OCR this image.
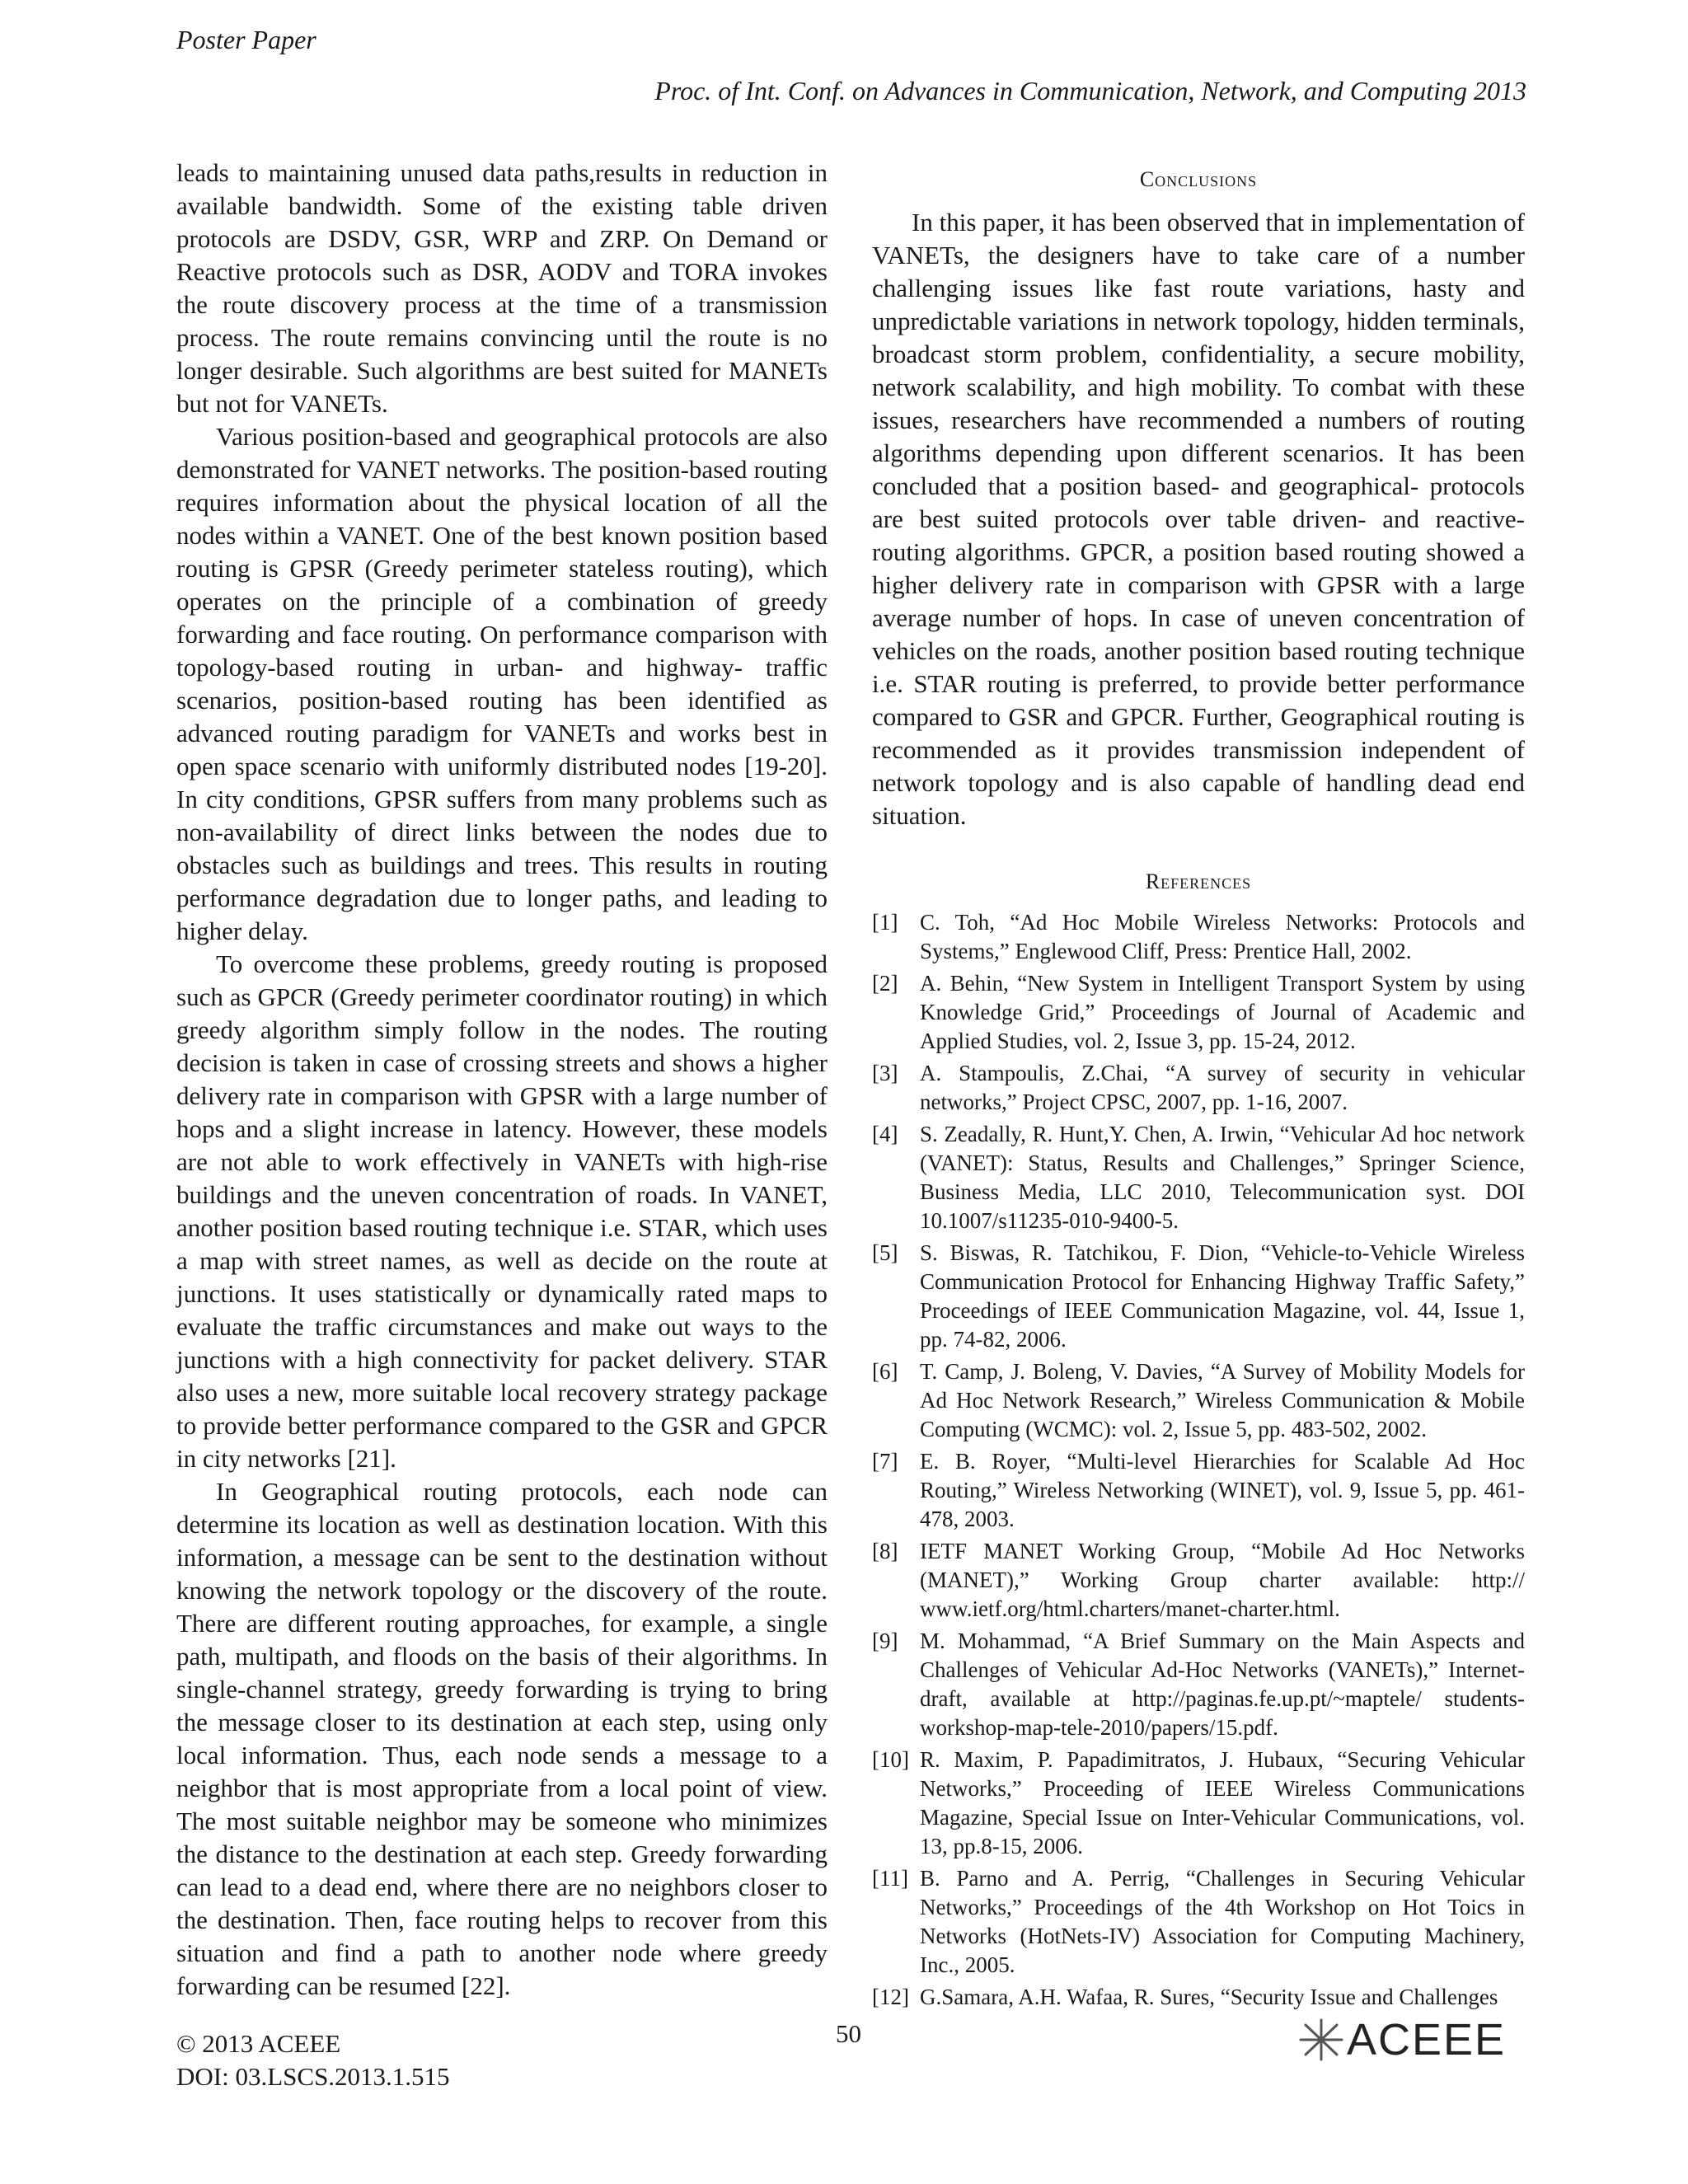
Poster Paper
Proc. of Int. Conf. on Advances in Communication, Network, and Computing 2013

leads to maintaining unused data paths,results in reduction in available bandwidth. Some of the existing table driven protocols are DSDV, GSR, WRP and ZRP. On Demand or Reactive protocols such as DSR, AODV and TORA invokes the route discovery process at the time of a transmission process. The route remains convincing until the route is no longer desirable. Such algorithms are best suited for MANETs but not for VANETs.

Various position-based and geographical protocols are also demonstrated for VANET networks. The position-based routing requires information about the physical location of all the nodes within a VANET. One of the best known position based routing is GPSR (Greedy perimeter stateless routing), which operates on the principle of a combination of greedy forwarding and face routing. On performance comparison with topology-based routing in urban- and highway- traffic scenarios, position-based routing has been identified as advanced routing paradigm for VANETs and works best in open space scenario with uniformly distributed nodes [19-20]. In city conditions, GPSR suffers from many problems such as non-availability of direct links between the nodes due to obstacles such as buildings and trees. This results in routing performance degradation due to longer paths, and leading to higher delay.

To overcome these problems, greedy routing is proposed such as GPCR (Greedy perimeter coordinator routing) in which greedy algorithm simply follow in the nodes. The routing decision is taken in case of crossing streets and shows a higher delivery rate in comparison with GPSR with a large number of hops and a slight increase in latency. However, these models are not able to work effectively in VANETs with high-rise buildings and the uneven concentration of roads. In VANET, another position based routing technique i.e. STAR, which uses a map with street names, as well as decide on the route at junctions. It uses statistically or dynamically rated maps to evaluate the traffic circumstances and make out ways to the junctions with a high connectivity for packet delivery. STAR also uses a new, more suitable local recovery strategy package to provide better performance compared to the GSR and GPCR in city networks [21].

In Geographical routing protocols, each node can determine its location as well as destination location. With this information, a message can be sent to the destination without knowing the network topology or the discovery of the route. There are different routing approaches, for example, a single path, multipath, and floods on the basis of their algorithms. In single-channel strategy, greedy forwarding is trying to bring the message closer to its destination at each step, using only local information. Thus, each node sends a message to a neighbor that is most appropriate from a local point of view. The most suitable neighbor may be someone who minimizes the distance to the destination at each step. Greedy forwarding can lead to a dead end, where there are no neighbors closer to the destination. Then, face routing helps to recover from this situation and find a path to another node where greedy forwarding can be resumed [22].

Conclusions

In this paper, it has been observed that in implementation of VANETs, the designers have to take care of a number challenging issues like fast route variations, hasty and unpredictable variations in network topology, hidden terminals, broadcast storm problem, confidentiality, a secure mobility, network scalability, and high mobility. To combat with these issues, researchers have recommended a numbers of routing algorithms depending upon different scenarios. It has been concluded that a position based- and geographical- protocols are best suited protocols over table driven- and reactive- routing algorithms. GPCR, a position based routing showed a higher delivery rate in comparison with GPSR with a large average number of hops. In case of uneven concentration of vehicles on the roads, another position based routing technique i.e. STAR routing is preferred, to provide better performance compared to GSR and GPCR. Further, Geographical routing is recommended as it provides transmission independent of network topology and is also capable of handling dead end situation.

References
[1] C. Toh, “Ad Hoc Mobile Wireless Networks: Protocols and Systems,” Englewood Cliff, Press: Prentice Hall, 2002.
[2] A. Behin, “New System in Intelligent Transport System by using Knowledge Grid,” Proceedings of Journal of Academic and Applied Studies, vol. 2, Issue 3, pp. 15-24, 2012.
[3] A. Stampoulis, Z.Chai, “A survey of security in vehicular networks,” Project CPSC, 2007, pp. 1-16, 2007.
[4] S. Zeadally, R. Hunt,Y. Chen, A. Irwin, “Vehicular Ad hoc network (VANET): Status, Results and Challenges,” Springer Science, Business Media, LLC 2010, Telecommunication syst. DOI 10.1007/s11235-010-9400-5.
[5] S. Biswas, R. Tatchikou, F. Dion, “Vehicle-to-Vehicle Wireless Communication Protocol for Enhancing Highway Traffic Safety,” Proceedings of IEEE Communication Magazine, vol. 44, Issue 1, pp. 74-82, 2006.
[6] T. Camp, J. Boleng, V. Davies, “A Survey of Mobility Models for Ad Hoc Network Research,” Wireless Communication & Mobile Computing (WCMC): vol. 2, Issue 5, pp. 483-502, 2002.
[7] E. B. Royer, “Multi-level Hierarchies for Scalable Ad Hoc Routing,” Wireless Networking (WINET), vol. 9, Issue 5, pp. 461-478, 2003.
[8] IETF MANET Working Group, “Mobile Ad Hoc Networks (MANET),” Working Group charter available: http:// www.ietf.org/html.charters/manet-charter.html.
[9] M. Mohammad, “A Brief Summary on the Main Aspects and Challenges of Vehicular Ad-Hoc Networks (VANETs),” Internet-draft, available at http://paginas.fe.up.pt/~maptele/ students-workshop-map-tele-2010/papers/15.pdf.
[10] R. Maxim, P. Papadimitratos, J. Hubaux, “Securing Vehicular Networks,” Proceeding of IEEE Wireless Communications Magazine, Special Issue on Inter-Vehicular Communications, vol. 13, pp.8-15, 2006.
[11] B. Parno and A. Perrig, “Challenges in Securing Vehicular Networks,” Proceedings of the 4th Workshop on Hot Toics in Networks (HotNets-IV) Association for Computing Machinery, Inc., 2005.
[12] G.Samara, A.H. Wafaa, R. Sures, “Security Issue and Challenges
© 2013 ACEEE
DOI: 03.LSCS.2013.1.515
50	ACEEE
